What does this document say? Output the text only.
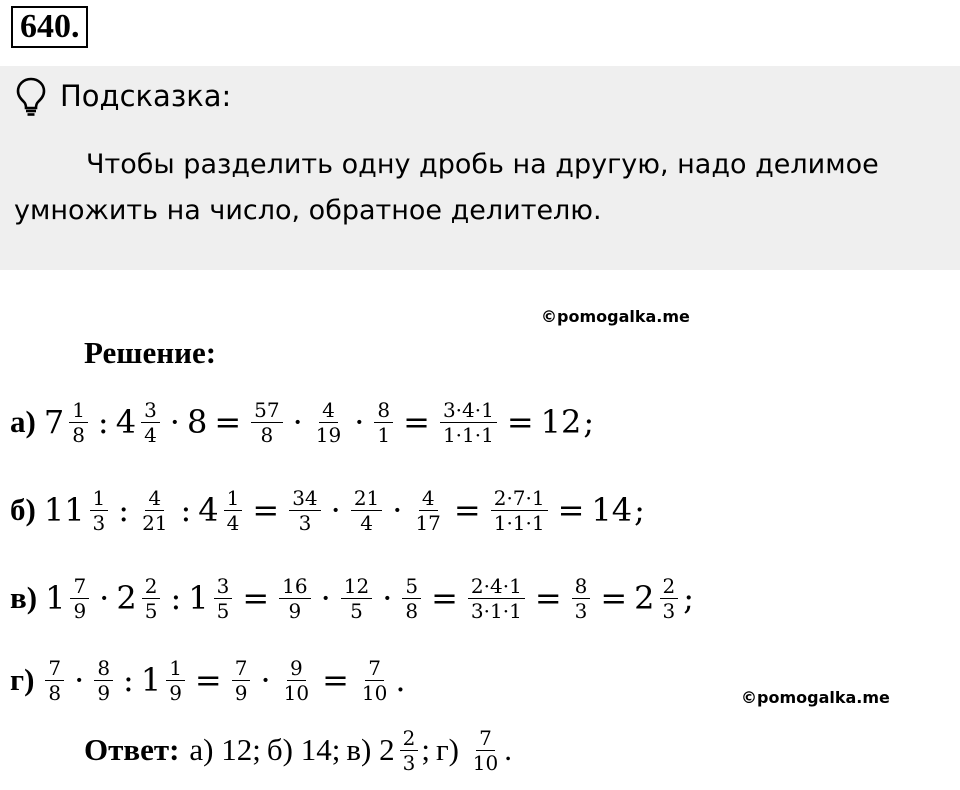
640.
Подсказка:

Чтобы разделить одну дробь на другую, надо делимое умножить на число, обратное делителю.

©pomogalka.me
Решение:
а) $7 \frac{1}{8}$ : $4 \frac{3}{4} \cdot 8 = \frac{57}{8} \cdot \frac{4}{19} \cdot \frac{8}{1} = \frac{3\cdot 4\cdot 1}{1\cdot 1\cdot 1} = 12$ ;
б) $11 \frac{1}{3}$ : $\frac{4}{21}$ : $4 \frac{1}{4} = \frac{34}{3} \cdot \frac{21}{4} \cdot \frac{4}{17} = \frac{2\cdot 7\cdot 1}{1\cdot 1\cdot 1} = 14$ ;
в) $1 \frac{7}{9} \cdot 2 \frac{2}{5}$ : $1 \frac{3}{5} = \frac{16}{9} \cdot \frac{12}{5} \cdot \frac{5}{8} = \frac{2\cdot 4\cdot 1}{3\cdot 1\cdot 1} = \frac{8}{3} = 2 \frac{2}{3}$ ;
$г) \frac{7}{8} \cdot \frac{8}{9}$ : $1 \frac{1}{9} = \frac{7}{9} \cdot \frac{9}{10} = \frac{7}{10}$ .	©pomogalka.me
Ответ: а)
12; б)
14; в)
$2 \frac{2}{3}$ ; г)
$\frac{7}{10}$ .
